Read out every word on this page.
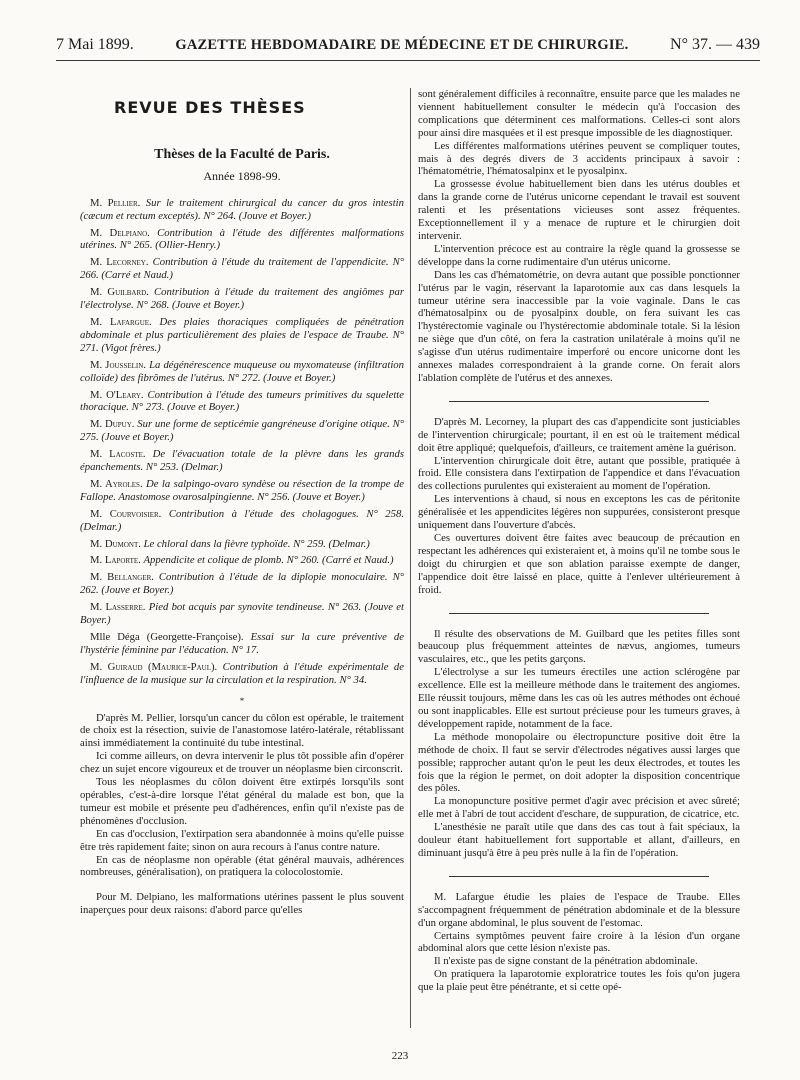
7 Mai 1899.	GAZETTE HEBDOMADAIRE DE MÉDECINE ET DE CHIRURGIE.	N° 37. — 439
REVUE DES THÈSES
Thèses de la Faculté de Paris.
Année 1898-99.

M. Pellier. Sur le traitement chirurgical du cancer du gros intestin (cæcum et rectum exceptés). N° 264. (Jouve et Boyer.)

M. Delpiano. Contribution à l'étude des différentes malformations utérines. N° 265. (Ollier-Henry.)

M. Lecorney. Contribution à l'étude du traitement de l'appendicite. N° 266. (Carré et Naud.)

M. Guilbard. Contribution à l'étude du traitement des angiômes par l'électrolyse. N° 268. (Jouve et Boyer.)

M. Lafargue. Des plaies thoraciques compliquées de pénétration abdominale et plus particulièrement des plaies de l'espace de Traube. N° 271. (Vigot frères.)

M. Jousselin. La dégénérescence muqueuse ou myxomateuse (infiltration colloïde) des fibrômes de l'utérus. N° 272. (Jouve et Boyer.)

M. O'Leary. Contribution à l'étude des tumeurs primitives du squelette thoracique. N° 273. (Jouve et Boyer.)

M. Dupuy. Sur une forme de septicémie gangréneuse d'origine otique. N° 275. (Jouve et Boyer.)

M. Lacoste. De l'évacuation totale de la plèvre dans les grands épanchements. N° 253. (Delmar.)

M. Ayroles. De la salpingo-ovaro syndèse ou résection de la trompe de Fallope. Anastomose ovarosalpingienne. N° 256. (Jouve et Boyer.)

M. Courvoisier. Contribution à l'étude des cholagogues. N° 258. (Delmar.)

M. Dumont. Le chloral dans la fièvre typhoïde. N° 259. (Delmar.)

M. Laporte. Appendicite et colique de plomb. N° 260. (Carré et Naud.)

M. Bellanger. Contribution à l'étude de la diplopie monoculaire. N° 262. (Jouve et Boyer.)

M. Lasserre. Pied bot acquis par synovite tendineuse. N° 263. (Jouve et Boyer.)

Mlle Déga (Georgette-Françoise). Essai sur la cure préventive de l'hystérie féminine par l'éducation. N° 17.

M. Guiraud (Maurice-Paul). Contribution à l'étude expérimentale de l'influence de la musique sur la circulation et la respiration. N° 34.

*

D'après M. Pellier, lorsqu'un cancer du côlon est opérable, le traitement de choix est la résection, suivie de l'anastomose latéro-latérale, rétablissant ainsi immédiatement la continuité du tube intestinal.

Ici comme ailleurs, on devra intervenir le plus tôt possible afin d'opérer chez un sujet encore vigoureux et de trouver un néoplasme bien circonscrit.

Tous les néoplasmes du côlon doivent être extirpés lorsqu'ils sont opérables, c'est-à-dire lorsque l'état général du malade est bon, que la tumeur est mobile et présente peu d'adhérences, enfin qu'il n'existe pas de phénomènes d'occlusion.

En cas d'occlusion, l'extirpation sera abandonnée à moins qu'elle puisse être très rapidement faite; sinon on aura recours à l'anus contre nature.

En cas de néoplasme non opérable (état général mauvais, adhérences nombreuses, généralisation), on pratiquera la colocolostomie.

Pour M. Delpiano, les malformations utérines passent le plus souvent inaperçues pour deux raisons: d'abord parce qu'elles

sont généralement difficiles à reconnaître, ensuite parce que les malades ne viennent habituellement consulter le médecin qu'à l'occasion des complications que déterminent ces malformations. Celles-ci sont alors pour ainsi dire masquées et il est presque impossible de les diagnostiquer.

Les différentes malformations utérines peuvent se compliquer toutes, mais à des degrés divers de 3 accidents principaux à savoir : l'hématométrie, l'hématosalpinx et le pyosalpinx.

La grossesse évolue habituellement bien dans les utérus doubles et dans la grande corne de l'utérus unicorne cependant le travail est souvent ralenti et les présentations vicieuses sont assez fréquentes. Exceptionnellement il y a menace de rupture et le chirurgien doit intervenir.

L'intervention précoce est au contraire la règle quand la grossesse se développe dans la corne rudimentaire d'un utérus unicorne.

Dans les cas d'hématométrie, on devra autant que possible ponctionner l'utérus par le vagin, réservant la laparotomie aux cas dans lesquels la tumeur utérine sera inaccessible par la voie vaginale. Dans le cas d'hématosalpinx ou de pyosalpinx double, on fera suivant les cas l'hystérectomie vaginale ou l'hystérectomie abdominale totale. Si la lésion ne siège que d'un côté, on fera la castration unilatérale à moins qu'il ne s'agisse d'un utérus rudimentaire imperforé ou encore unicorne dont les annexes malades correspondraient à la grande corne. On ferait alors l'ablation complète de l'utérus et des annexes.

D'après M. Lecorney, la plupart des cas d'appendicite sont justiciables de l'intervention chirurgicale; pourtant, il en est où le traitement médical doit être appliqué; quelquefois, d'ailleurs, ce traitement amène la guérison.

L'intervention chirurgicale doit être, autant que possible, pratiquée à froid. Elle consistera dans l'extirpation de l'appendice et dans l'évacuation des collections purulentes qui existeraient au moment de l'opération.

Les interventions à chaud, si nous en exceptons les cas de péritonite généralisée et les appendicites légères non suppurées, consisteront presque uniquement dans l'ouverture d'abcès.

Ces ouvertures doivent être faites avec beaucoup de précaution en respectant les adhérences qui existeraient et, à moins qu'il ne tombe sous le doigt du chirurgien et que son ablation paraisse exempte de danger, l'appendice doit être laissé en place, quitte à l'enlever ultérieurement à froid.

Il résulte des observations de M. Guilbard que les petites filles sont beaucoup plus fréquemment atteintes de nævus, angiomes, tumeurs vasculaires, etc., que les petits garçons.

L'électrolyse a sur les tumeurs érectiles une action sclérogène par excellence. Elle est la meilleure méthode dans le traitement des angiomes. Elle réussit toujours, même dans les cas où les autres méthodes ont échoué ou sont inapplicables. Elle est surtout précieuse pour les tumeurs graves, à développement rapide, notamment de la face.

La méthode monopolaire ou électropuncture positive doit être la méthode de choix. Il faut se servir d'électrodes négatives aussi larges que possible; rapprocher autant qu'on le peut les deux électrodes, et toutes les fois que la région le permet, on doit adopter la disposition concentrique des pôles.

La monopuncture positive permet d'agir avec précision et avec sûreté; elle met à l'abri de tout accident d'eschare, de suppuration, de cicatrice, etc.

L'anesthésie ne paraît utile que dans des cas tout à fait spéciaux, la douleur étant habituellement fort supportable et allant, d'ailleurs, en diminuant jusqu'à être à peu près nulle à la fin de l'opération.

M. Lafargue étudie les plaies de l'espace de Traube. Elles s'accompagnent fréquemment de pénétration abdominale et de la blessure d'un organe abdominal, le plus souvent de l'estomac.

Certains symptômes peuvent faire croire à la lésion d'un organe abdominal alors que cette lésion n'existe pas.

Il n'existe pas de signe constant de la pénétration abdominale.

On pratiquera la laparotomie exploratrice toutes les fois qu'on jugera que la plaie peut être pénétrante, et si cette opé-

223
